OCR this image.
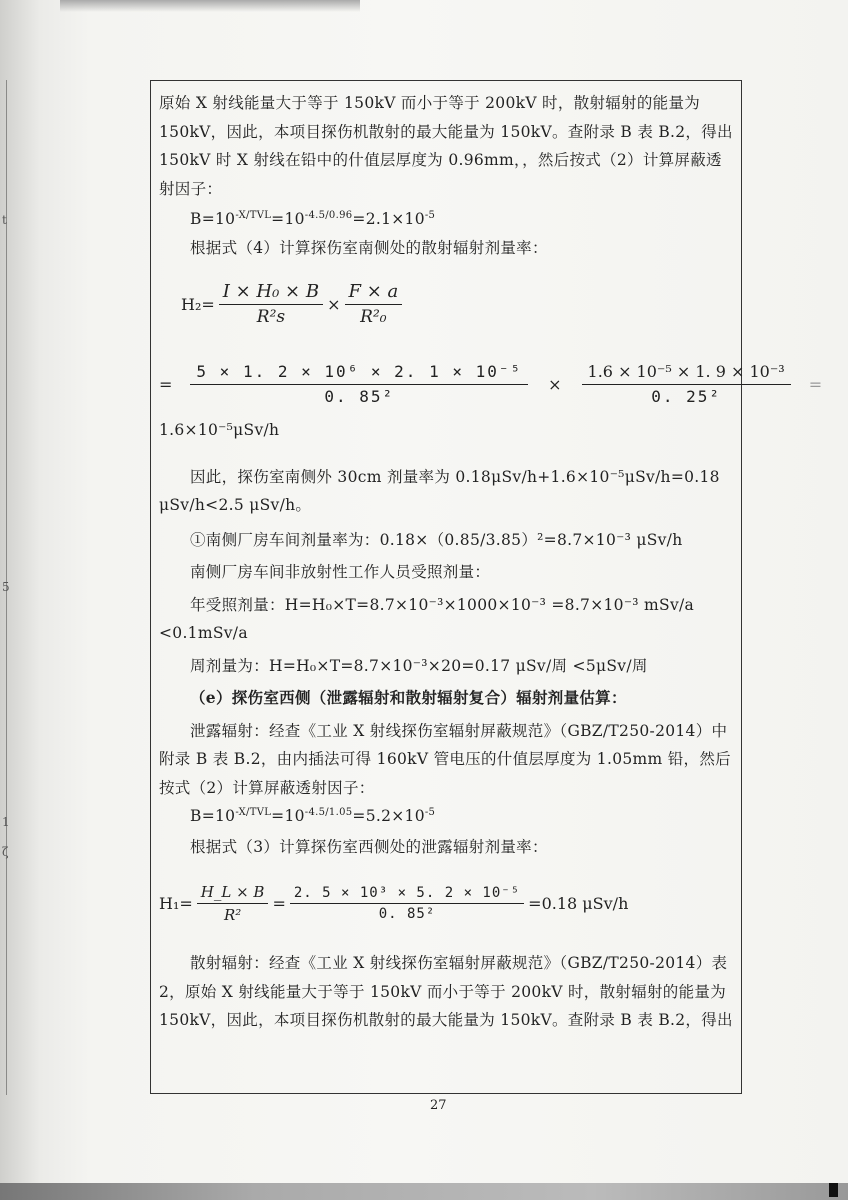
t
5
1
ζ

原始 X 射线能量大于等于 150kV 而小于等于 200kV 时，散射辐射的能量为 150kV，因此，本项目探伤机散射的最大能量为 150kV。查附录 B 表 B.2，得出 150kV 时 X 射线在铅中的什值层厚度为 0.96mm，，然后按式（2）计算屏蔽透射因子：

$B=10^{-X/TVL}=10^{-4.5/0.96}=2.1\times 10^{-5}$

根据式（4）计算探伤室南侧处的散射辐射剂量率：

$H_2= \frac{\text{I × H₀ × B}}{\text{R²s}} \times \frac{F \times a}{\text{R²₀}}$
= $\frac{\text{5 × 1. 2 × 10⁶ × 2. 1 × 10⁻⁵}}{\text{0. 85²}} \times \frac{\text{1.6 × 10⁻⁵ × 1. 9 × 10⁻³}}{\text{0. 25²}}$ =

1.6×10⁻⁵μSv/h

因此，探伤室南侧外 30cm 剂量率为 0.18μSv/h+1.6×10⁻⁵μSv/h=0.18 μSv/h<2.5 μSv/h。

①南侧厂房车间剂量率为：0.18×（0.85/3.85）²=8.7×10⁻³ μSv/h

南侧厂房车间非放射性工作人员受照剂量：

年受照剂量：H=H₀×T=8.7×10⁻³×1000×10⁻³ =8.7×10⁻³ mSv/a <0.1mSv/a

周剂量为：H=H₀×T=8.7×10⁻³×20=0.17 μSv/周 <5μSv/周

（e）探伤室西侧（泄露辐射和散射辐射复合）辐射剂量估算：

泄露辐射：经查《工业 X 射线探伤室辐射屏蔽规范》（GBZ/T250-2014）中附录 B 表 B.2，由内插法可得 160kV 管电压的什值层厚度为 1.05mm 铅，然后按式（2）计算屏蔽透射因子：

$B=10^{-X/TVL}=10^{-4.5/1.05}=5.2\times 10^{-5}$

根据式（3）计算探伤室西侧处的泄露辐射剂量率：

$H_1= \frac{H\_L \times B}{\text{R²}} = \frac{\text{2. 5 × 10³ × 5. 2 × 10⁻⁵}}{\text{0. 85²}} =0.18$ μSv/h

散射辐射：经查《工业 X 射线探伤室辐射屏蔽规范》（GBZ/T250-2014）表 2，原始 X 射线能量大于等于 150kV 而小于等于 200kV 时，散射辐射的能量为 150kV，因此，本项目探伤机散射的最大能量为 150kV。查附录 B 表 B.2，得出

27
